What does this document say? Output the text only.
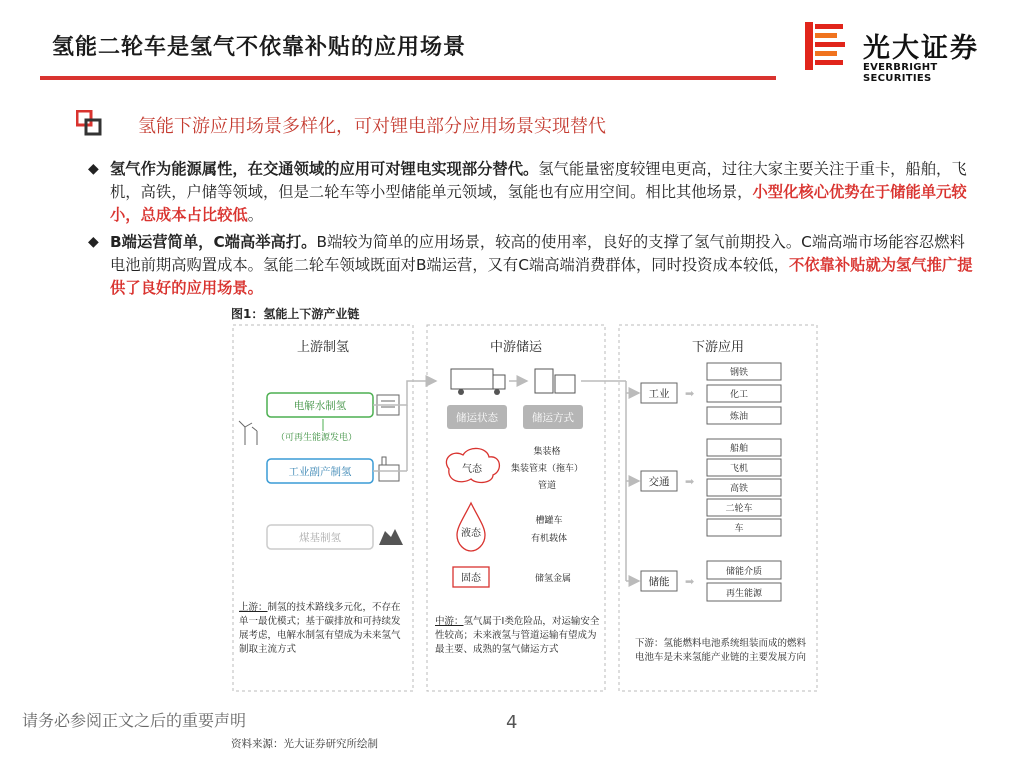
氢能二轮车是氢气不依靠补贴的应用场景	光大证券
EVERBRIGHT SECURITIES
氢能下游应用场景多样化，可对锂电部分应用场景实现替代
◆ 氢气作为能源属性，在交通领域的应用可对锂电实现部分替代。氢气能量密度较锂电更高，过往大家主要关注于重卡，船舶，飞机，高铁，户储等领域，但是二轮车等小型储能单元领域，氢能也有应用空间。相比其他场景，小型化核心优势在于储能单元较小，总成本占比较低。
◆ B端运营简单，C端高举高打。B端较为简单的应用场景，较高的使用率，良好的支撑了氢气前期投入。C端高端市场能容忍燃料电池前期高购置成本。氢能二轮车领域既面对B端运营，又有C端高端消费群体，同时投资成本较低，不依靠补贴就为氢气推广提供了良好的应用场景。
图1：氢能上下游产业链
上游制氢	中游储运	下游应用
电解水制氢
（可再生能源发电）
工业副产制氢
煤基制氢
储运状态	储运方式
气态
集装格
集装管束（拖车）
管道
液态
槽罐车
有机载体
固态	储氢金属
工业
交通
储能
➡
➡
➡
钢铁
化工
炼油
船舶
飞机
高铁
二轮车
车
储能介质
再生能源
上游：制氢的技术路线多元化，不存在单一最优模式；基于碳排放和可持续发展考虑，电解水制氢有望成为未来氢气制取主流方式
中游：氢气属于Ⅰ类危险品，对运输安全性较高；未来液氢与管道运输有望成为最主要、成熟的氢气储运方式
下游：氢能燃料电池系统组装而成的燃料电池车是未来氢能产业链的主要发展方向
请务必参阅正文之后的重要声明	4
资料来源：光大证券研究所绘制
